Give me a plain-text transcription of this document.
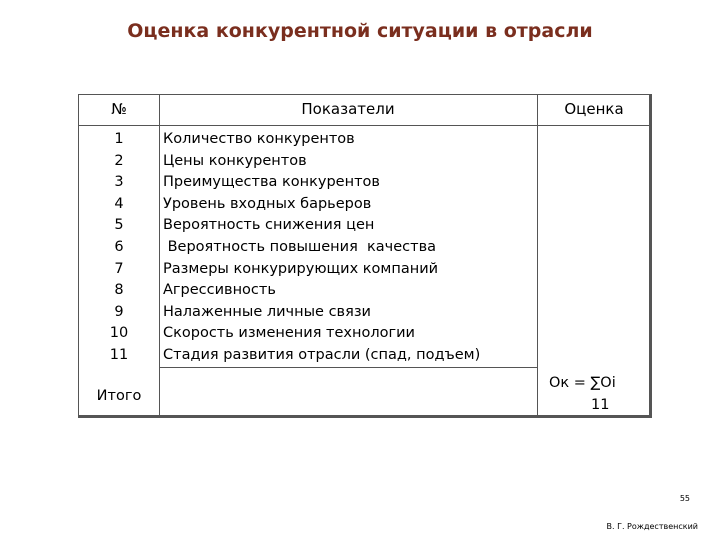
Оценка конкурентной ситуации в отрасли
№	Показатели	Оценка
1
2
3
4
5
6
7
8
9
10
11
Количество конкурентов
Цены конкурентов
Преимущества конкурентов
Уровень входных барьеров
Вероятность снижения цен
Вероятность повышения  качества
Размеры конкурирующих компаний
Агрессивность
Налаженные личные связи
Скорость изменения технологии
Стадия развития отрасли (спад, подъем)
Итого
Ок = ∑Оi
11
55
В. Г. Рождественский
